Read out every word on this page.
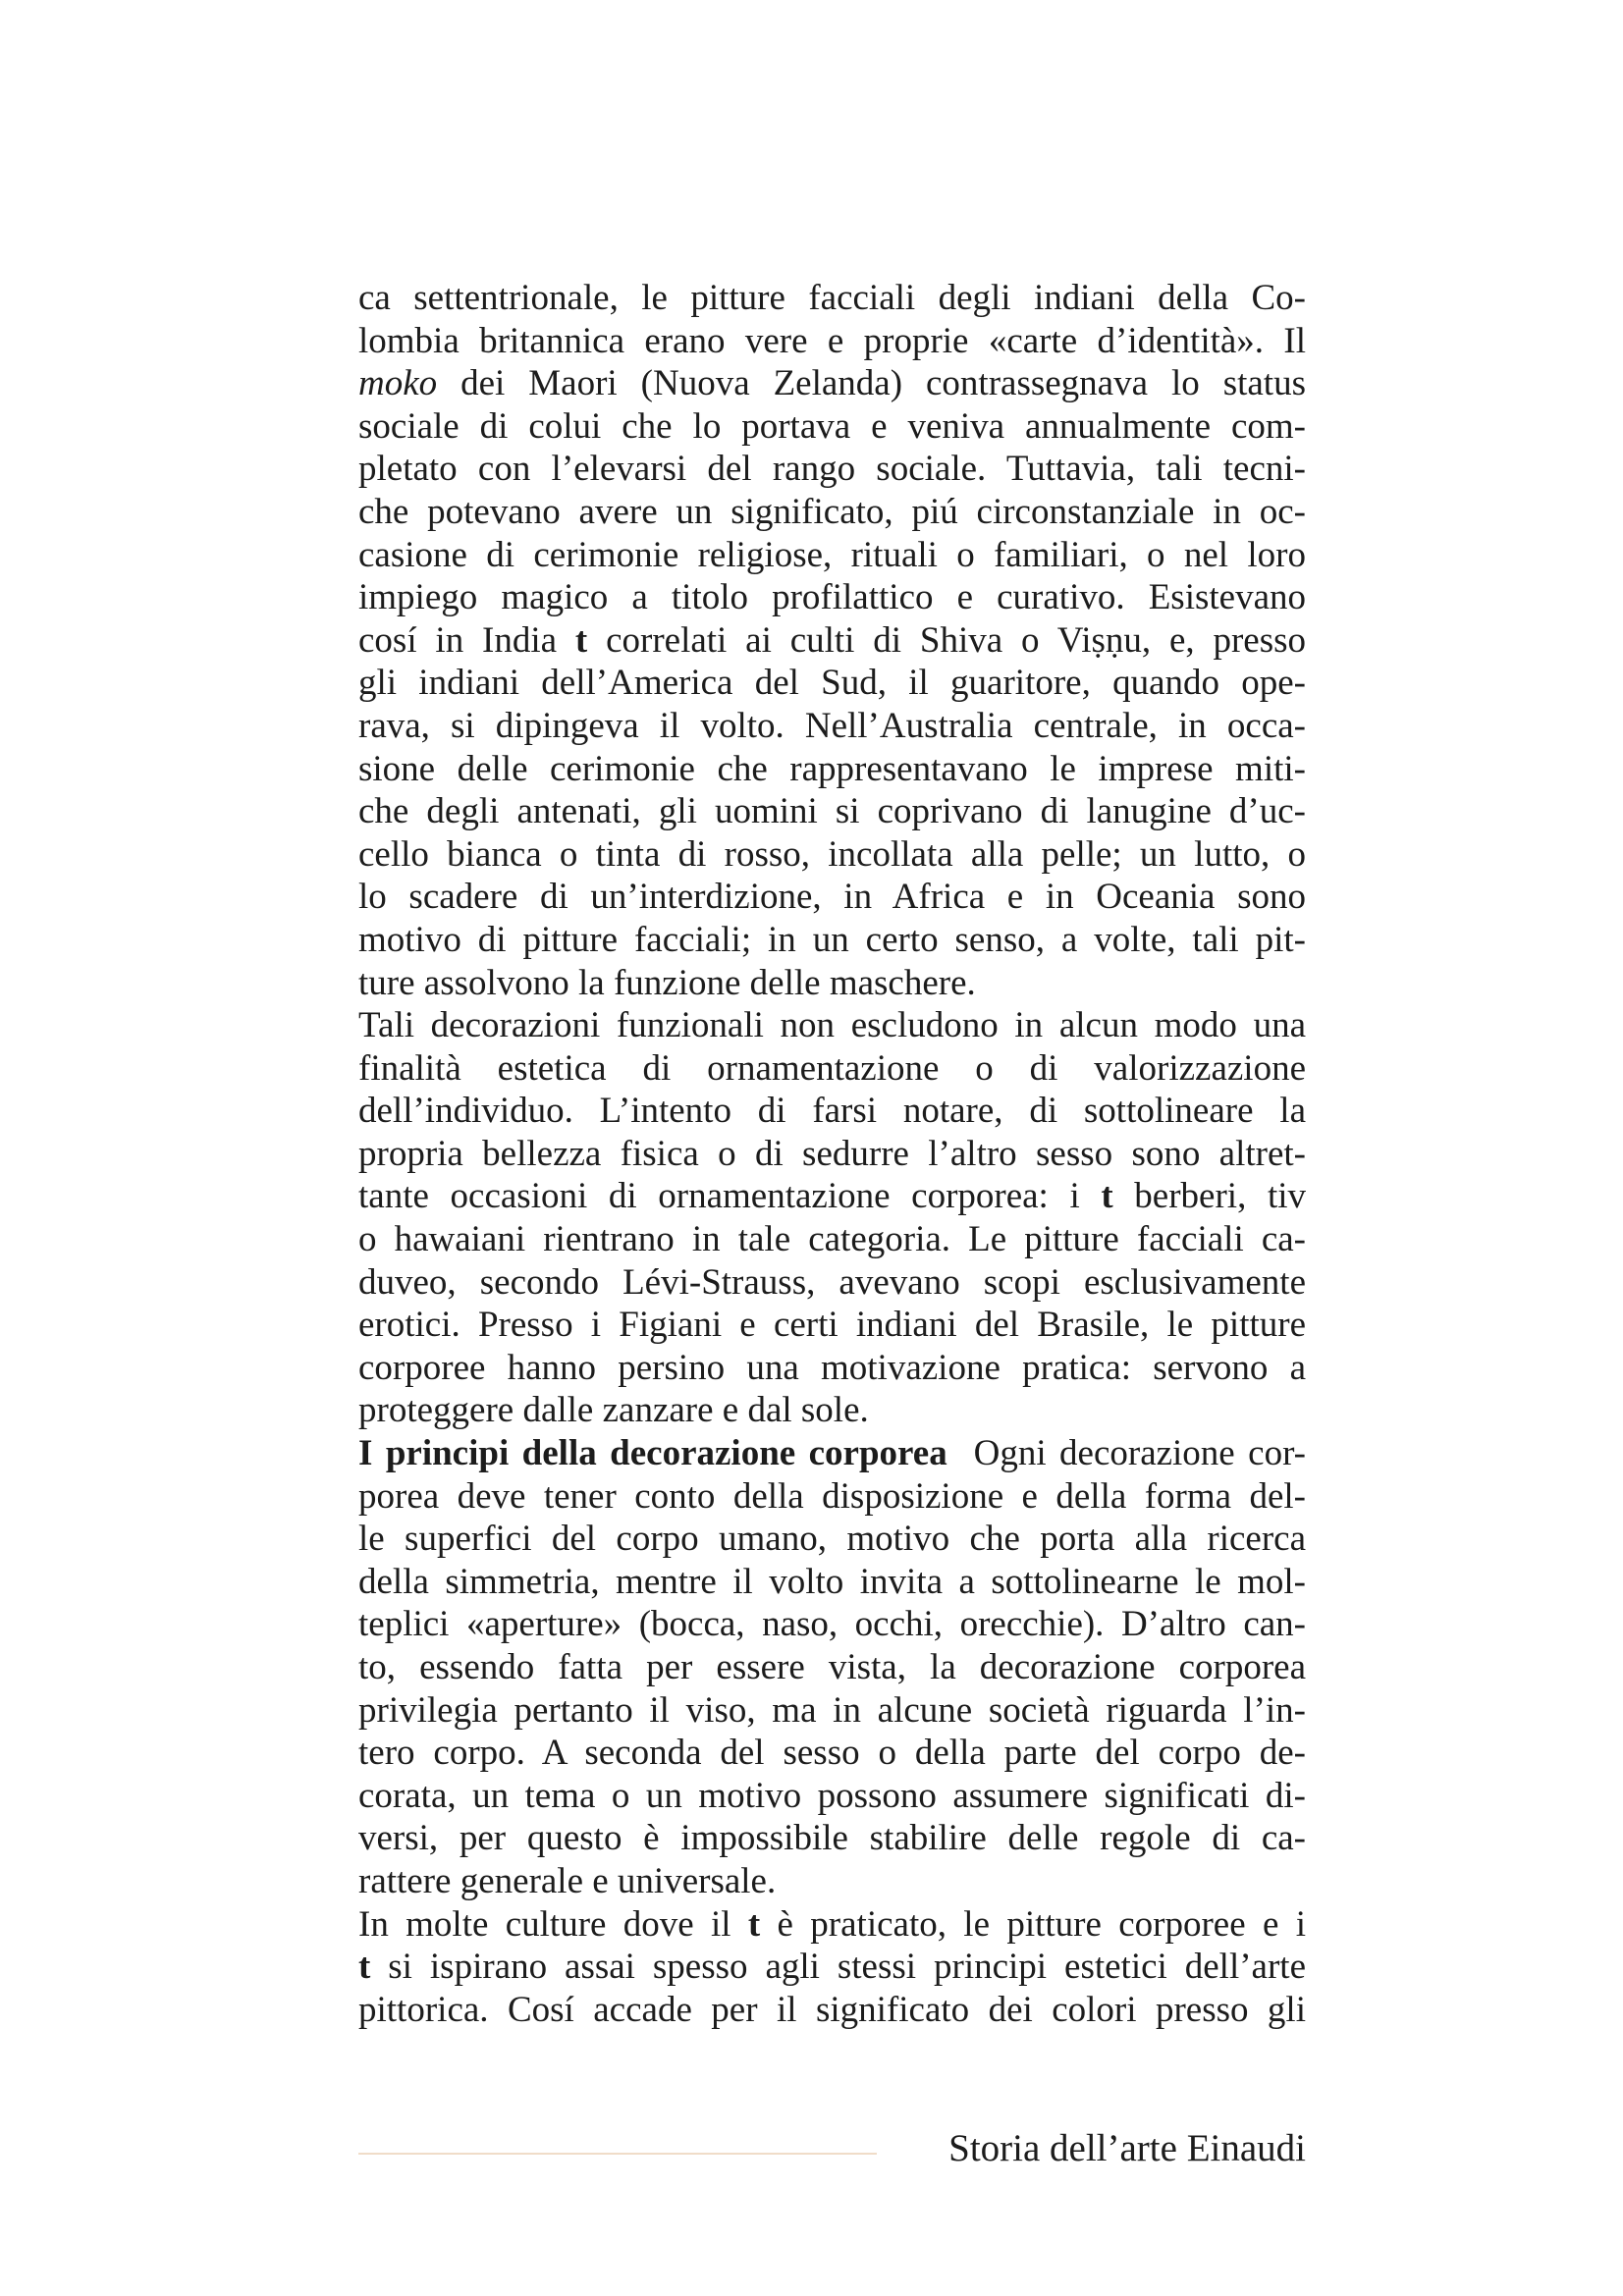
ca settentrionale, le pitture facciali degli indiani della Co-
lombia britannica erano vere e proprie «carte d’identità». Il
moko dei Maori (Nuova Zelanda) contrassegnava lo status
sociale di colui che lo portava e veniva annualmente com-
pletato con l’elevarsi del rango sociale. Tuttavia, tali tecni-
che potevano avere un significato, piú circonstanziale in oc-
casione di cerimonie religiose, rituali o familiari, o nel loro
impiego magico a titolo profilattico e curativo. Esistevano
cosí in India t correlati ai culti di Shiva o Viṣṇu, e, presso
gli indiani dell’America del Sud, il guaritore, quando ope-
rava, si dipingeva il volto. Nell’Australia centrale, in occa-
sione delle cerimonie che rappresentavano le imprese miti-
che degli antenati, gli uomini si coprivano di lanugine d’uc-
cello bianca o tinta di rosso, incollata alla pelle; un lutto, o
lo scadere di un’interdizione, in Africa e in Oceania sono
motivo di pitture facciali; in un certo senso, a volte, tali pit-
ture assolvono la funzione delle maschere.
Tali decorazioni funzionali non escludono in alcun modo una
finalità estetica di ornamentazione o di valorizzazione
dell’individuo. L’intento di farsi notare, di sottolineare la
propria bellezza fisica o di sedurre l’altro sesso sono altret-
tante occasioni di ornamentazione corporea: i t berberi, tiv
o hawaiani rientrano in tale categoria. Le pitture facciali ca-
duveo, secondo Lévi-Strauss, avevano scopi esclusivamente
erotici. Presso i Figiani e certi indiani del Brasile, le pitture
corporee hanno persino una motivazione pratica: servono a
proteggere dalle zanzare e dal sole.
I principi della decorazione corporea Ogni decorazione cor-
porea deve tener conto della disposizione e della forma del-
le superfici del corpo umano, motivo che porta alla ricerca
della simmetria, mentre il volto invita a sottolinearne le mol-
teplici «aperture» (bocca, naso, occhi, orecchie). D’altro can-
to, essendo fatta per essere vista, la decorazione corporea
privilegia pertanto il viso, ma in alcune società riguarda l’in-
tero corpo. A seconda del sesso o della parte del corpo de-
corata, un tema o un motivo possono assumere significati di-
versi, per questo è impossibile stabilire delle regole di ca-
rattere generale e universale.
In molte culture dove il t è praticato, le pitture corporee e i
t si ispirano assai spesso agli stessi principi estetici dell’arte
pittorica. Cosí accade per il significato dei colori presso gli
Storia dell’arte Einaudi
